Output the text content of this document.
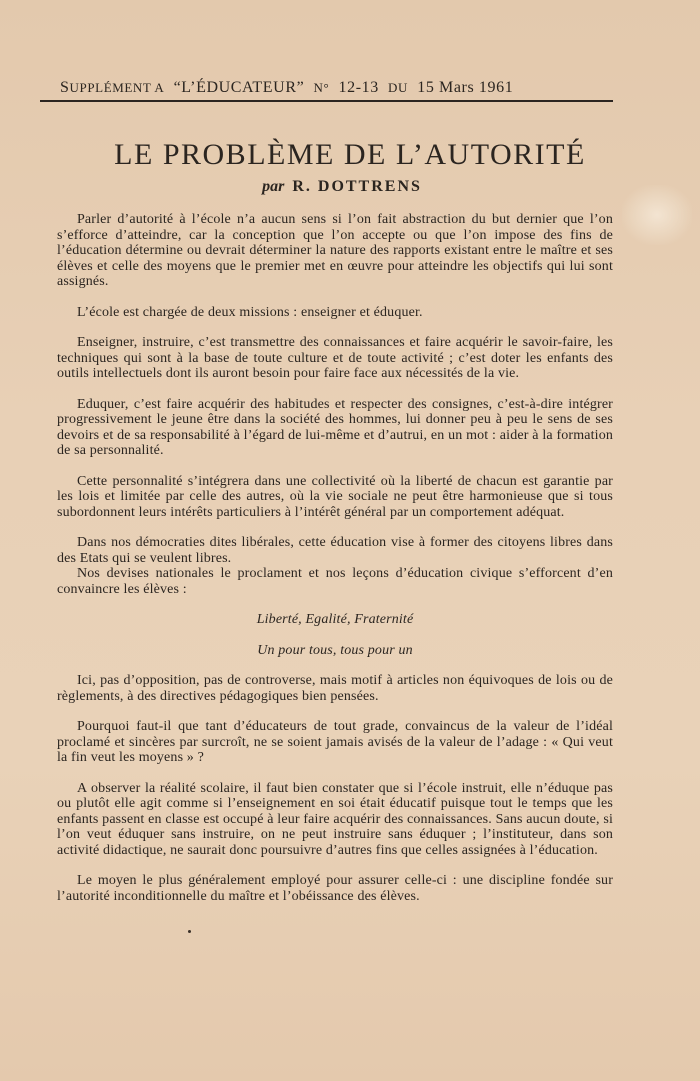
SUPPLÉMENT A “L’ÉDUCATEUR” N° 12-13 DU 15 Mars 1961
LE PROBLÈME DE L’AUTORITÉ
par R. DOTTRENS

Parler d’autorité à l’école n’a aucun sens si l’on fait abstraction du but dernier que l’on s’efforce d’atteindre, car la conception que l’on accepte ou que l’on impose des fins de l’éducation détermine ou devrait déterminer la nature des rapports existant entre le maître et ses élèves et celle des moyens que le premier met en œuvre pour atteindre les objectifs qui lui sont assignés.

L’école est chargée de deux missions : enseigner et éduquer.

Enseigner, instruire, c’est transmettre des connaissances et faire acquérir le savoir-faire, les techniques qui sont à la base de toute culture et de toute activité ; c’est doter les enfants des outils intellectuels dont ils auront besoin pour faire face aux nécessités de la vie.

Eduquer, c’est faire acquérir des habitudes et respecter des consignes, c’est-à-dire intégrer progressivement le jeune être dans la société des hommes, lui donner peu à peu le sens de ses devoirs et de sa responsabilité à l’égard de lui-même et d’autrui, en un mot : aider à la formation de sa personnalité.

Cette personnalité s’intégrera dans une collectivité où la liberté de chacun est garantie par les lois et limitée par celle des autres, où la vie sociale ne peut être harmonieuse que si tous subordonnent leurs intérêts particuliers à l’intérêt général par un comportement adéquat.

Dans nos démocraties dites libérales, cette éducation vise à former des citoyens libres dans des Etats qui se veulent libres.

Nos devises nationales le proclament et nos leçons d’éducation civique s’efforcent d’en convaincre les élèves :

Liberté, Egalité, Fraternité
Un pour tous, tous pour un

Ici, pas d’opposition, pas de controverse, mais motif à articles non équivoques de lois ou de règlements, à des directives pédagogiques bien pensées.

Pourquoi faut-il que tant d’éducateurs de tout grade, convaincus de la valeur de l’idéal proclamé et sincères par surcroît, ne se soient jamais avisés de la valeur de l’adage : « Qui veut la fin veut les moyens » ?

A observer la réalité scolaire, il faut bien constater que si l’école instruit, elle n’éduque pas ou plutôt elle agit comme si l’enseignement en soi était éducatif puisque tout le temps que les enfants passent en classe est occupé à leur faire acquérir des connaissances. Sans aucun doute, si l’on veut éduquer sans instruire, on ne peut instruire sans éduquer ; l’instituteur, dans son activité didactique, ne saurait donc poursuivre d’autres fins que celles assignées à l’éducation.

Le moyen le plus généralement employé pour assurer celle-ci : une discipline fondée sur l’autorité inconditionnelle du maître et l’obéissance des élèves.
